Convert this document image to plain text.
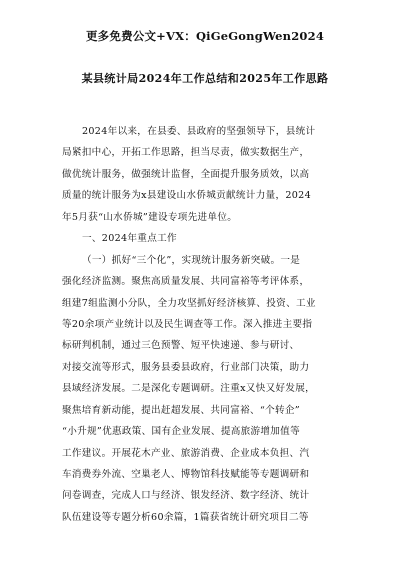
更多免费公文+VX：QiGeGongWen2024
某县统计局2024年工作总结和2025年工作思路
2024年以来，在县委、县政府的坚强领导下，县统计
局紧扣中心，开拓工作思路，担当尽责，做实数据生产，
做优统计服务，做强统计监督，全面提升服务质效，以高
质量的统计服务为x县建设山水侨城贡献统计力量，2024
年5月获“山水侨城”建设专项先进单位。
一、2024年重点工作
（一）抓好“三个化”，实现统计服务新突破。一是
强化经济监测。聚焦高质量发展、共同富裕等考评体系，
组建7组监测小分队，全力攻坚抓好经济核算、投资、工业
等20余项产业统计以及民生调查等工作。深入推进主要指
标研判机制，通过三色预警、短平快速递、参与研讨、
对接交流等形式，服务县委县政府，行业部门决策，助力
县域经济发展。二是深化专题调研。注重x又快又好发展，
聚焦培育新动能，提出赶超发展、共同富裕、“个转企”
“小升规”优惠政策、国有企业发展、提高旅游增加值等
工作建议。开展花木产业、旅游消费、企业成本负担、汽
车消费券外流、空巢老人、博物馆科技赋能等专题调研和
问卷调查，完成人口与经济、银发经济、数字经济、统计
队伍建设等专题分析60余篇，1篇获省统计研究项目二等
